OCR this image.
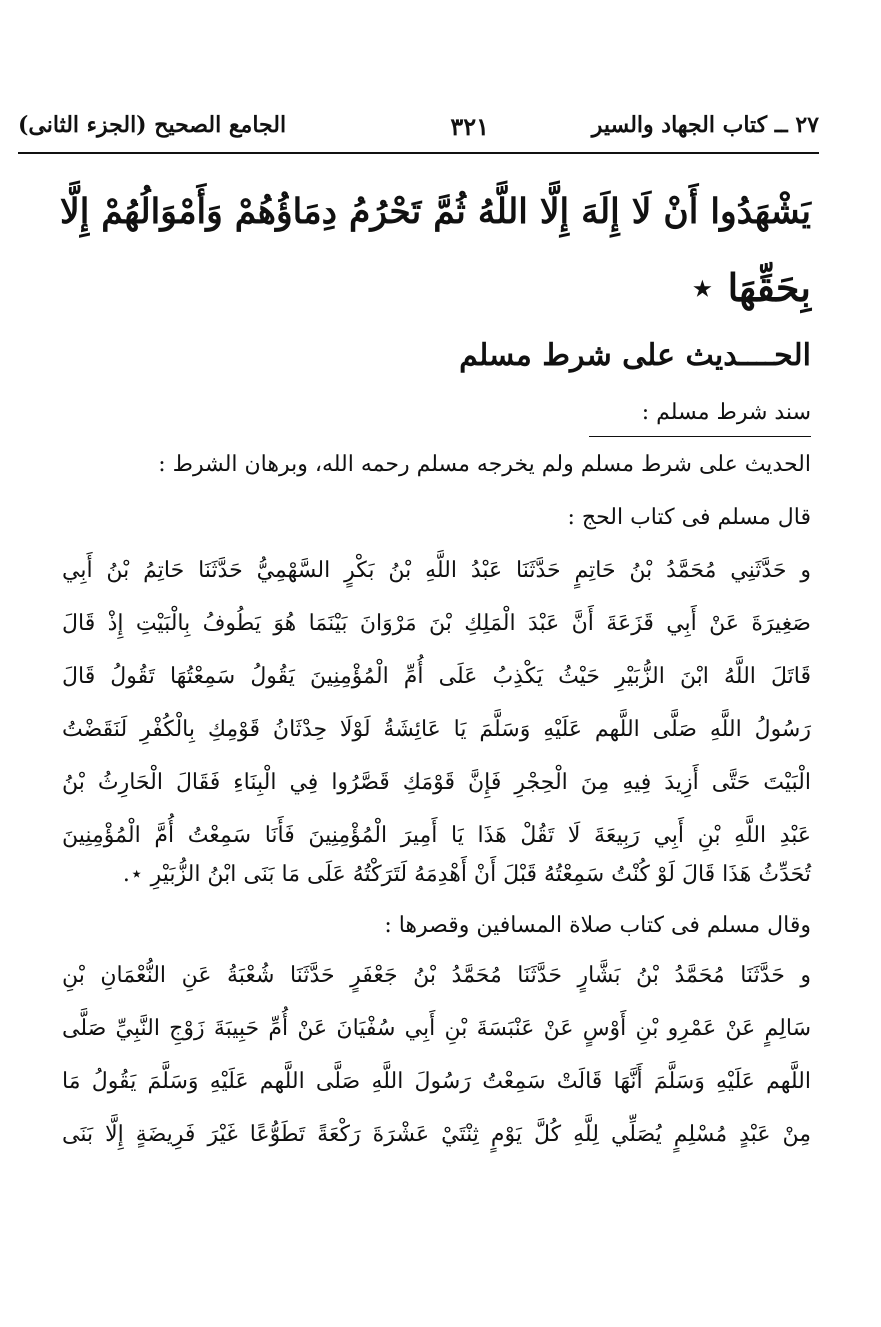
٢٧ ــ كتاب الجهاد والسير
٣٢١
الجامع الصحيح (الجزء الثانى)
يَشْهَدُوا أَنْ لَا إِلَهَ إِلَّا اللَّهُ ثُمَّ تَحْرُمُ دِمَاؤُهُمْ وَأَمْوَالُهُمْ إِلَّا
بِحَقِّهَا ⋆
الحــــديث على شرط مسلم
سند شرط مسلم :
الحديث على شرط مسلم ولم يخرجه مسلم رحمه الله، وبرهان الشرط :
قال مسلم فى كتاب الحج :
و حَدَّثَنِي مُحَمَّدُ بْنُ حَاتِمٍ حَدَّثَنَا عَبْدُ اللَّهِ بْنُ بَكْرٍ السَّهْمِيُّ حَدَّثَنَا حَاتِمُ بْنُ أَبِي
صَغِيرَةَ عَنْ أَبِي قَزَعَةَ أَنَّ عَبْدَ الْمَلِكِ بْنَ مَرْوَانَ بَيْنَمَا هُوَ يَطُوفُ بِالْبَيْتِ إِذْ قَالَ
قَاتَلَ اللَّهُ ابْنَ الزُّبَيْرِ حَيْثُ يَكْذِبُ عَلَى أُمِّ الْمُؤْمِنِينَ يَقُولُ سَمِعْتُهَا تَقُولُ قَالَ
رَسُولُ اللَّهِ صَلَّى اللَّهم عَلَيْهِ وَسَلَّمَ يَا عَائِشَةُ لَوْلَا حِدْثَانُ قَوْمِكِ بِالْكُفْرِ لَنَقَضْتُ
الْبَيْتَ حَتَّى أَزِيدَ فِيهِ مِنَ الْحِجْرِ فَإِنَّ قَوْمَكِ قَصَّرُوا فِي الْبِنَاءِ فَقَالَ الْحَارِثُ بْنُ
عَبْدِ اللَّهِ بْنِ أَبِي رَبِيعَةَ لَا تَقُلْ هَذَا يَا أَمِيرَ الْمُؤْمِنِينَ فَأَنَا سَمِعْتُ أُمَّ الْمُؤْمِنِينَ
تُحَدِّثُ هَذَا قَالَ لَوْ كُنْتُ سَمِعْتُهُ قَبْلَ أَنْ أَهْدِمَهُ لَتَرَكْتُهُ عَلَى مَا بَنَى ابْنُ الزُّبَيْرِ ⋆.
وقال مسلم فى كتاب صلاة المسافين وقصرها :
و حَدَّثَنَا مُحَمَّدُ بْنُ بَشَّارٍ حَدَّثَنَا مُحَمَّدُ بْنُ جَعْفَرٍ حَدَّثَنَا شُعْبَةُ عَنِ النُّعْمَانِ بْنِ
سَالِمٍ عَنْ عَمْرِو بْنِ أَوْسٍ عَنْ عَنْبَسَةَ بْنِ أَبِي سُفْيَانَ عَنْ أُمِّ حَبِيبَةَ زَوْجِ النَّبِيِّ صَلَّى
اللَّهم عَلَيْهِ وَسَلَّمَ أَنَّهَا قَالَتْ سَمِعْتُ رَسُولَ اللَّهِ صَلَّى اللَّهم عَلَيْهِ وَسَلَّمَ يَقُولُ مَا
مِنْ عَبْدٍ مُسْلِمٍ يُصَلِّي لِلَّهِ كُلَّ يَوْمٍ ثِنْتَيْ عَشْرَةَ رَكْعَةً تَطَوُّعًا غَيْرَ فَرِيضَةٍ إِلَّا بَنَى
